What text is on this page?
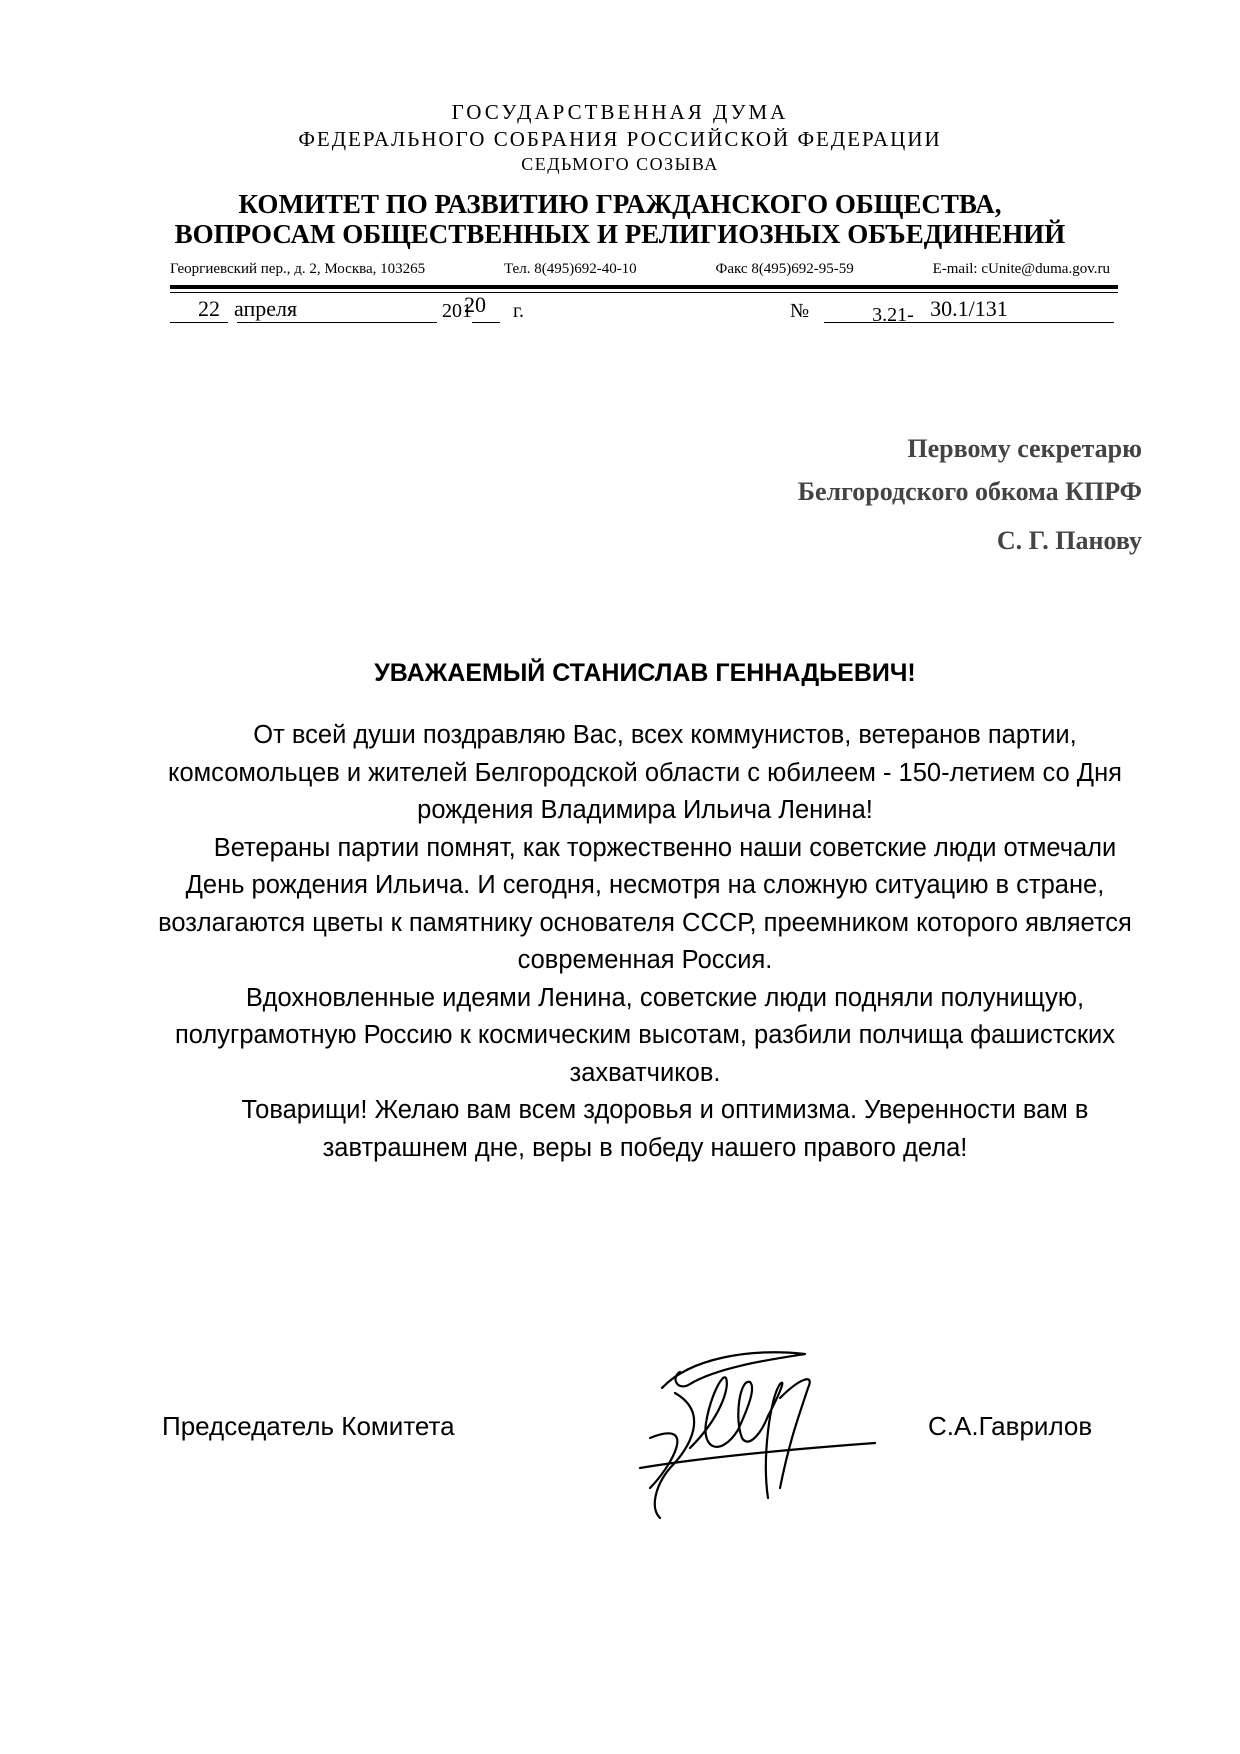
ГОСУДАРСТВЕННАЯ ДУМА
ФЕДЕРАЛЬНОГО СОБРАНИЯ РОССИЙСКОЙ ФЕДЕРАЦИИ
СЕДЬМОГО СОЗЫВА
КОМИТЕТ ПО РАЗВИТИЮ ГРАЖДАНСКОГО ОБЩЕСТВА,
ВОПРОСАМ ОБЩЕСТВЕННЫХ И РЕЛИГИОЗНЫХ ОБЪЕДИНЕНИЙ
Георгиевский пер., д. 2, Москва, 103265	Тел. 8(495)692-40-10	Факс 8(495)692-95-59	E-mail: cUnite@duma.gov.ru
22
апреля	201
20 г.	№	3.21- 30.1/131
Первому секретарю
Белгородского обкома КПРФ
С. Г. Панову
УВАЖАЕМЫЙ СТАНИСЛАВ ГЕННАДЬЕВИЧ!

От всей души поздравляю Вас, всех коммунистов, ветеранов партии, комсомольцев и жителей Белгородской области с юбилеем - 150-летием со Дня рождения Владимира Ильича Ленина!

Ветераны партии помнят, как торжественно наши советские люди отмечали День рождения Ильича. И сегодня, несмотря на сложную ситуацию в стране, возлагаются цветы к памятнику основателя СССР, преемником которого является современная Россия.

Вдохновленные идеями Ленина, советские люди подняли полунищую, полуграмотную Россию к космическим высотам, разбили полчища фашистских захватчиков.

Товарищи! Желаю вам всем здоровья и оптимизма. Уверенности вам в завтрашнем дне, веры в победу нашего правого дела!

Председатель Комитета	С.А.Гаврилов
